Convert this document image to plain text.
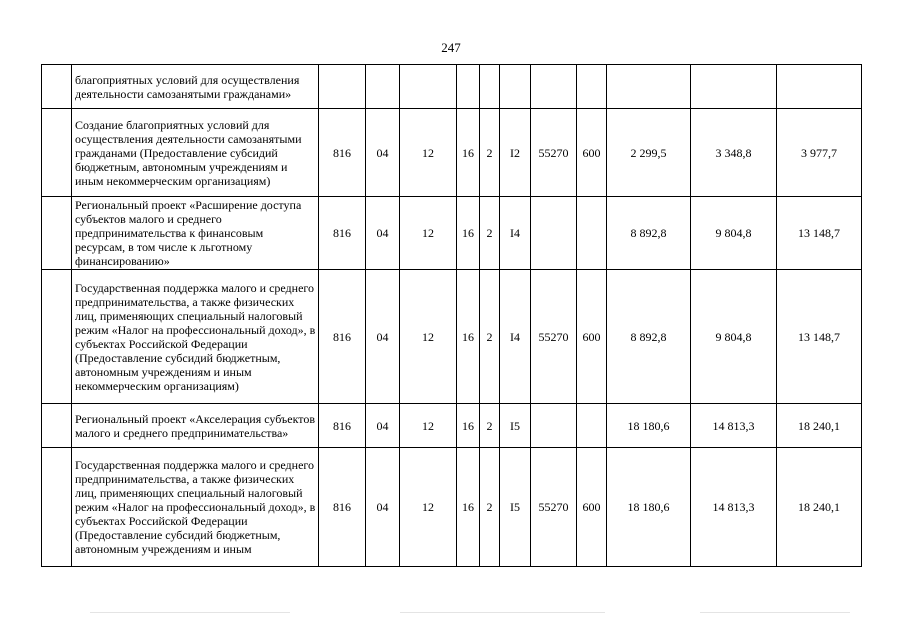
247
	благоприятных условий для осуществления деятельности самозанятыми гражданами»											
	Создание благоприятных условий для осуществления деятельности самозанятыми гражданами (Предоставление субсидий бюджетным, автономным учреждениям и иным некоммерческим организациям)	816	04	12	16	2	I2	55270	600	2 299,5	3 348,8	3 977,7
	Региональный проект «Расширение доступа субъектов малого и среднего предпринимательства к финансовым ресурсам, в том числе к льготному финансированию»	816	04	12	16	2	I4			8 892,8	9 804,8	13 148,7
	Государственная поддержка малого и среднего предпринимательства, а также физических лиц, применяющих специальный налоговый режим «Налог на профессиональный доход», в субъектах Российской Федерации (Предоставление субсидий бюджетным, автономным учреждениям и иным некоммерческим организациям)	816	04	12	16	2	I4	55270	600	8 892,8	9 804,8	13 148,7
	Региональный проект «Акселерация субъектов малого и среднего предпринимательства»	816	04	12	16	2	I5			18 180,6	14 813,3	18 240,1
	Государственная поддержка малого и среднего предпринимательства, а также физических лиц, применяющих специальный налоговый режим «Налог на профессиональный доход», в субъектах Российской Федерации (Предоставление субсидий бюджетным, автономным учреждениям и иным	816	04	12	16	2	I5	55270	600	18 180,6	14 813,3	18 240,1
